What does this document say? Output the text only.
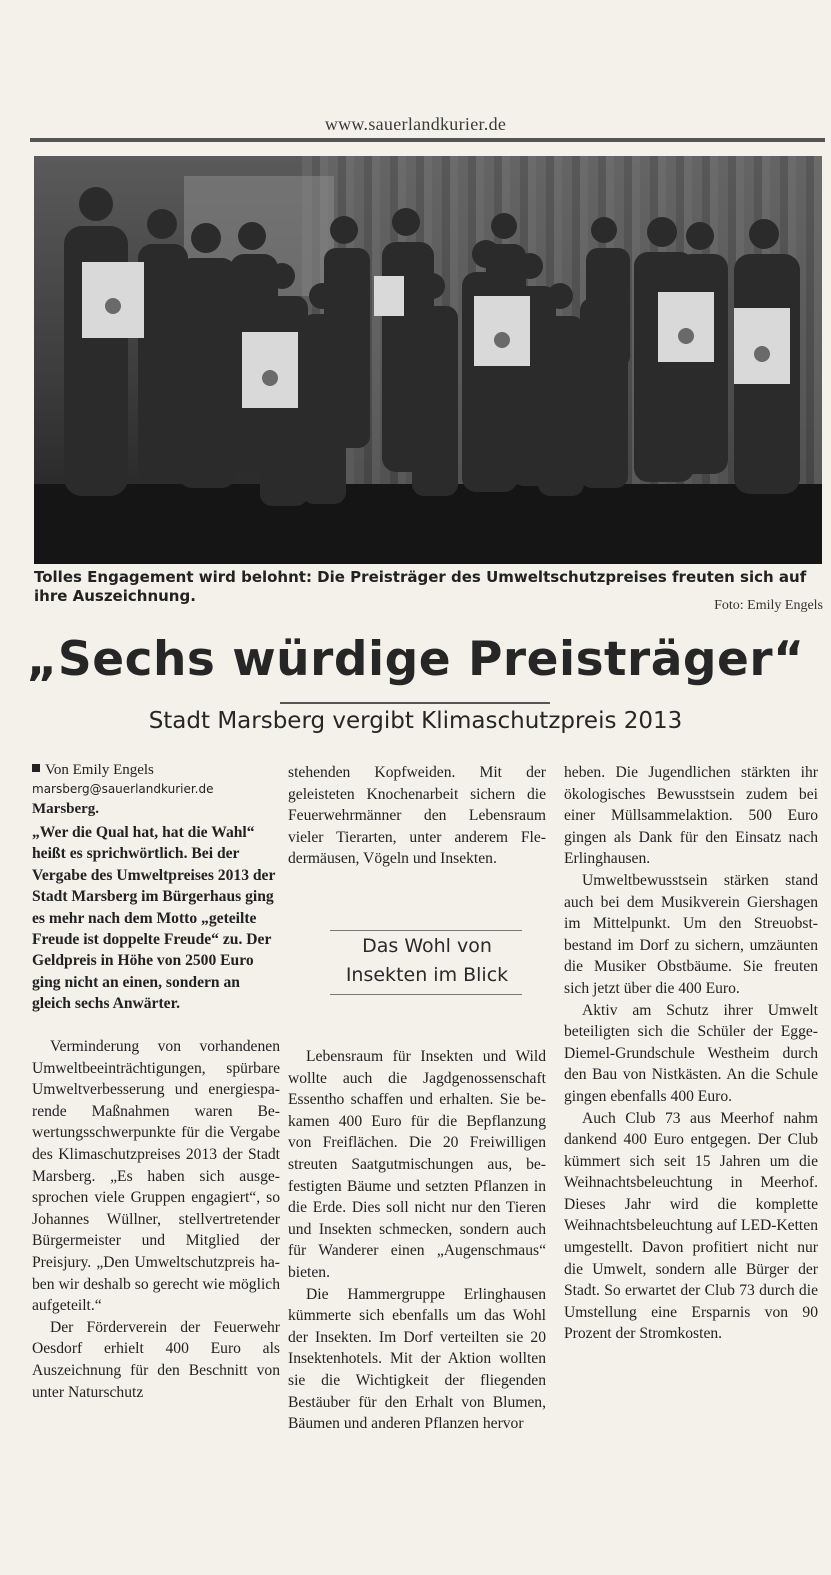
www.sauerlandkurier.de
Tolles Engagement wird belohnt: Die Preisträger des Umweltschutzpreises freuten sich auf ihre Auszeichnung.
Foto: Emily Engels
„Sechs würdige Preisträger“
Stadt Marsberg vergibt Klimaschutzpreis 2013
Von Emily Engels
marsberg@sauerlandkurier.de
Marsberg.
„Wer die Qual hat, hat die Wahl“ heißt es sprichwörtlich. Bei der Vergabe des Umweltpreises 2013 der Stadt Marsberg im Bürgerhaus ging es mehr nach dem Motto „geteilte Freude ist doppelte Freude“ zu. Der Geldpreis in Höhe von 2500 Euro ging nicht an einen, sondern an gleich sechs Anwärter.

Verminderung von vorhandenen Umweltbeeinträchtigungen, spürbare Umweltverbesserung und energiesparende Maßnahmen waren Bewertungsschwerpunkte für die Vergabe des Klimaschutzpreises 2013 der Stadt Marsberg. „Es haben sich ausgesprochen viele Gruppen engagiert“, so Johannes Wüllner, stellvertretender Bürgermeister und Mitglied der Preisjury. „Den Umweltschutzpreis haben wir deshalb so gerecht wie möglich aufgeteilt.“

Der Förderverein der Feuerwehr Oesdorf erhielt 400 Euro als Auszeichnung für den Beschnitt von unter Naturschutz

stehenden Kopfweiden. Mit der geleisteten Knochenarbeit sichern die Feuerwehrmänner den Lebensraum vieler Tierarten, unter anderem Fledermäusen, Vögeln und Insekten.

Das Wohl von
Insekten im Blick

Lebensraum für Insekten und Wild wollte auch die Jagdgenossenschaft Essentho schaffen und erhalten. Sie bekamen 400 Euro für die Bepflanzung von Freiflächen. Die 20 Freiwilligen streuten Saatgutmischungen aus, befestigten Bäume und setzten Pflanzen in die Erde. Dies soll nicht nur den Tieren und Insekten schmecken, sondern auch für Wanderer einen „Augenschmaus“ bieten.

Die Hammergruppe Erlinghausen kümmerte sich ebenfalls um das Wohl der Insekten. Im Dorf verteilten sie 20 Insektenhotels. Mit der Aktion wollten sie die Wichtigkeit der fliegenden Bestäuber für den Erhalt von Blumen, Bäumen und anderen Pflanzen hervor

heben. Die Jugendlichen stärkten ihr ökologisches Bewusstsein zudem bei einer Müllsammelaktion. 500 Euro gingen als Dank für den Einsatz nach Erlinghausen.

Umweltbewusstsein stärken stand auch bei dem Musikverein Giershagen im Mittelpunkt. Um den Streuobstbestand im Dorf zu sichern, umzäunten die Musiker Obstbäume. Sie freuten sich jetzt über die 400 Euro.

Aktiv am Schutz ihrer Umwelt beteiligten sich die Schüler der Egge-Diemel-Grundschule Westheim durch den Bau von Nistkästen. An die Schule gingen ebenfalls 400 Euro.

Auch Club 73 aus Meerhof nahm dankend 400 Euro entgegen. Der Club kümmert sich seit 15 Jahren um die Weihnachtsbeleuchtung in Meerhof. Dieses Jahr wird die komplette Weihnachtsbeleuchtung auf LED-Ketten umgestellt. Davon profitiert nicht nur die Umwelt, sondern alle Bürger der Stadt. So erwartet der Club 73 durch die Umstellung eine Ersparnis von 90 Prozent der Stromkosten.
